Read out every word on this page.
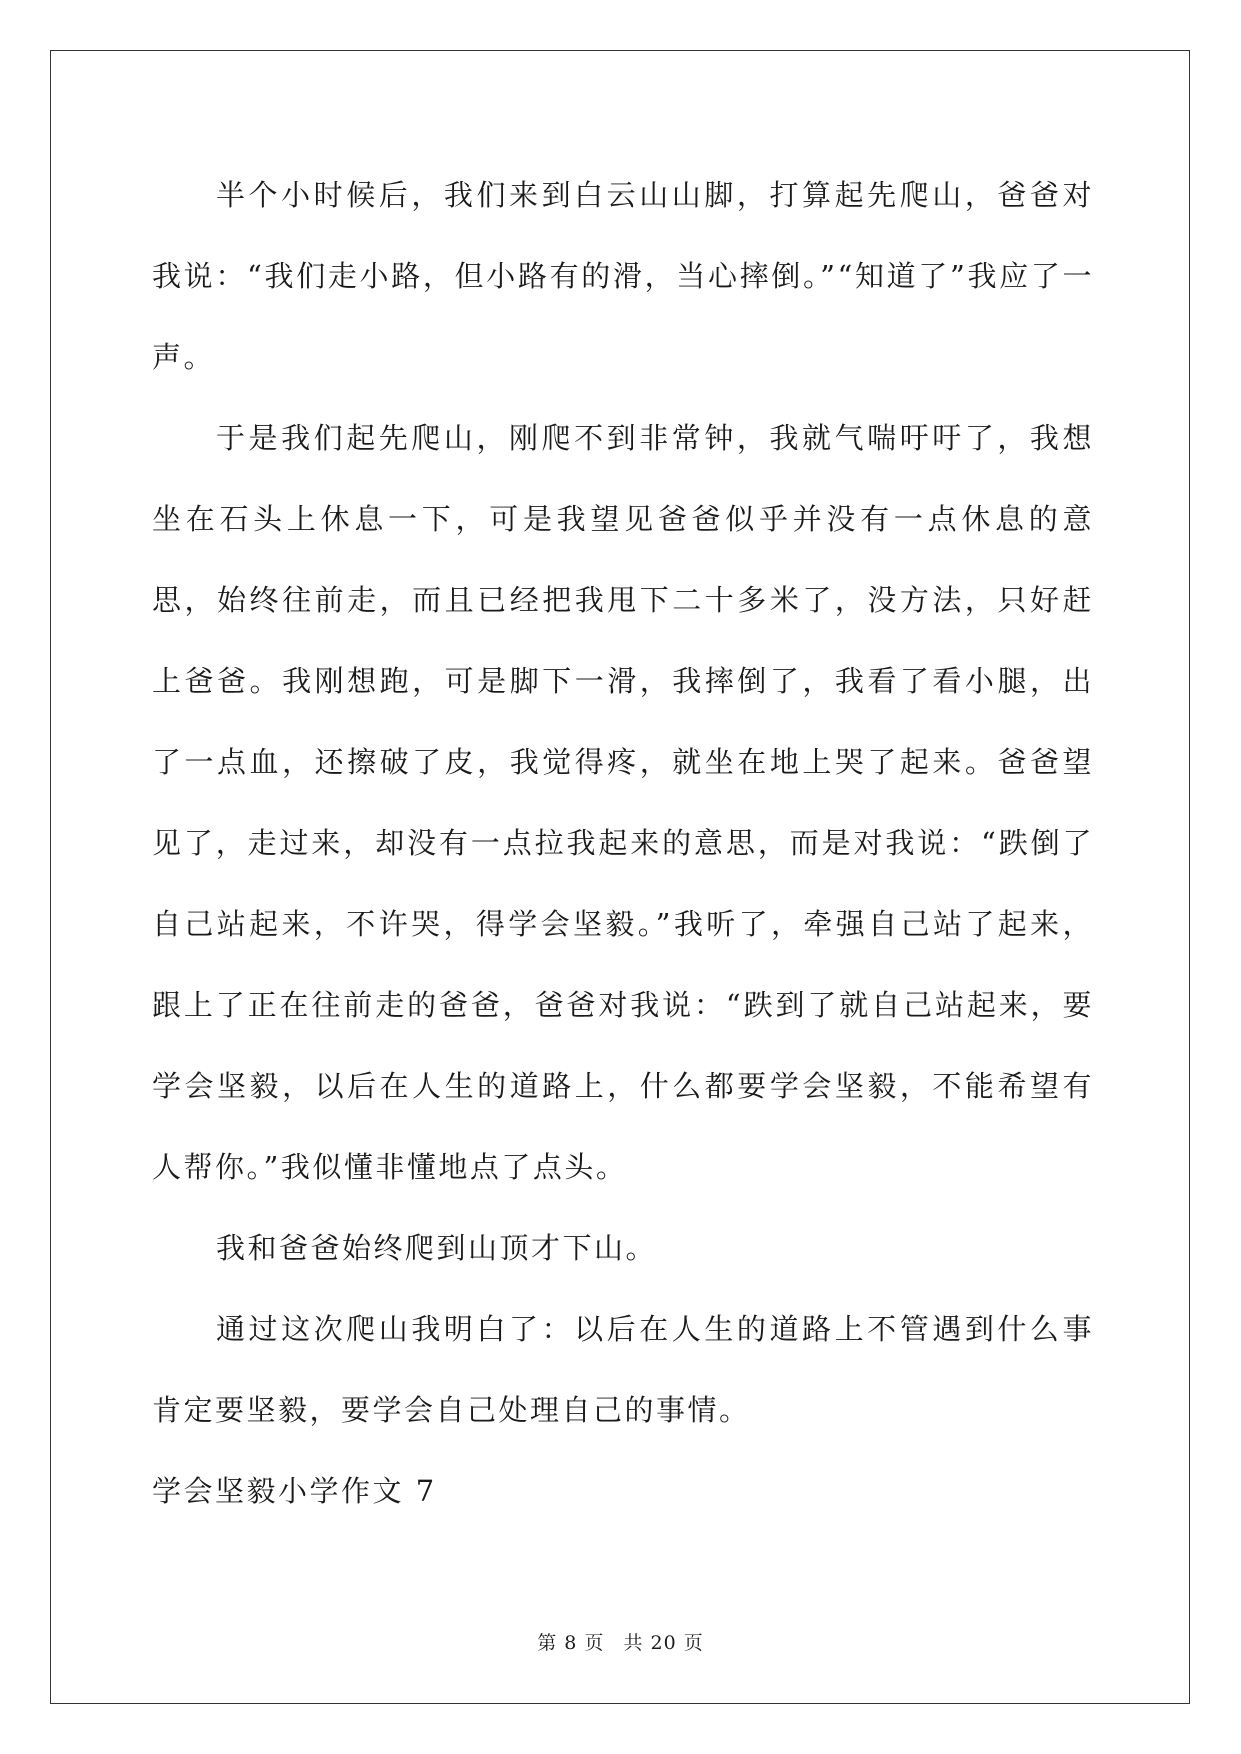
半个小时候后，我们来到白云山山脚，打算起先爬山，爸爸对我说：“我们走小路，但小路有的滑，当心摔倒。”“知道了”我应了一声。

于是我们起先爬山，刚爬不到非常钟，我就气喘吁吁了，我想坐在石头上休息一下，可是我望见爸爸似乎并没有一点休息的意思，始终往前走，而且已经把我甩下二十多米了，没方法，只好赶上爸爸。我刚想跑，可是脚下一滑，我摔倒了，我看了看小腿，出了一点血，还擦破了皮，我觉得疼，就坐在地上哭了起来。爸爸望见了，走过来，却没有一点拉我起来的意思，而是对我说：“跌倒了自己站起来，不许哭，得学会坚毅。”我听了，牵强自己站了起来，跟上了正在往前走的爸爸，爸爸对我说：“跌到了就自己站起来，要学会坚毅，以后在人生的道路上，什么都要学会坚毅，不能希望有人帮你。”我似懂非懂地点了点头。

我和爸爸始终爬到山顶才下山。

通过这次爬山我明白了：以后在人生的道路上不管遇到什么事肯定要坚毅，要学会自己处理自己的事情。

学会坚毅小学作文 7

第 8 页 共 20 页
